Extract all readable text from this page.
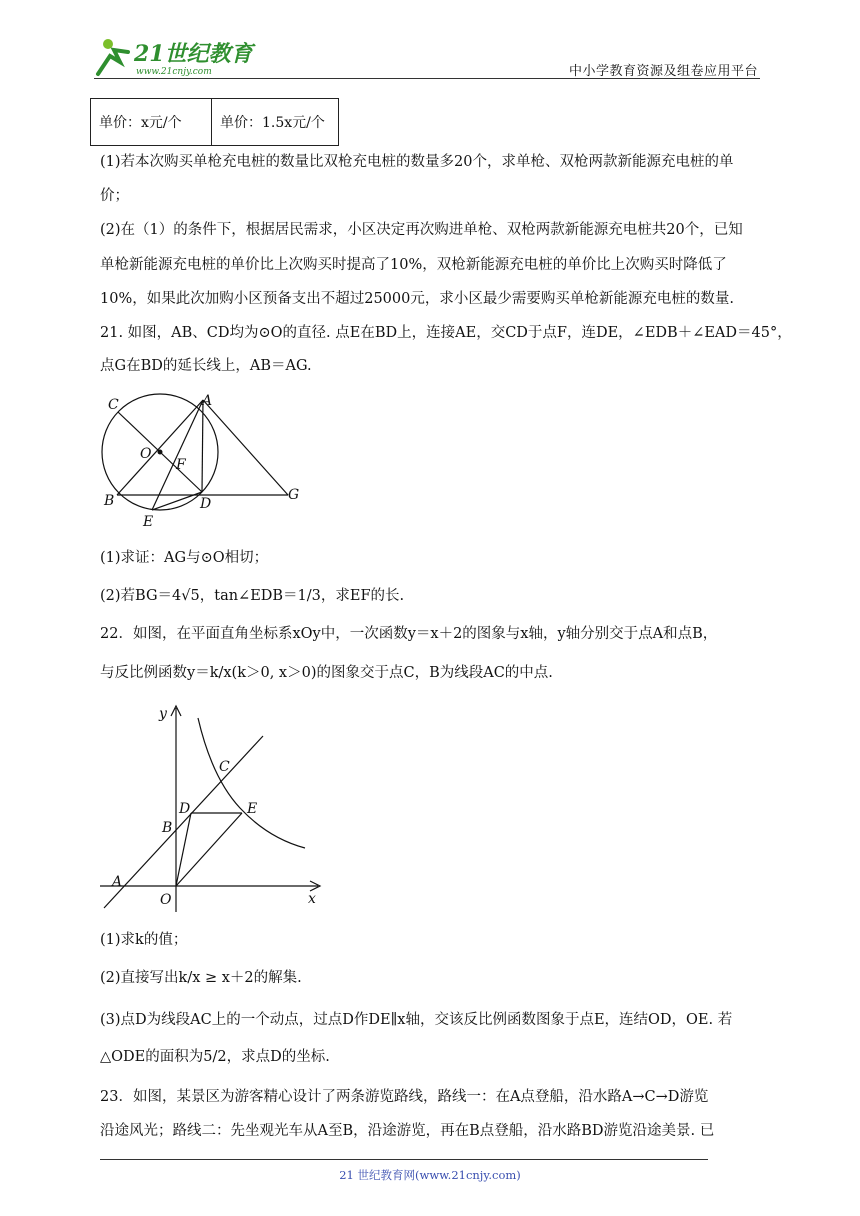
21世纪教育
www.21cnjy.com	中小学教育资源及组卷应用平台
单价：x元/个	单价：1.5x元/个
(1)若本次购买单枪充电桩的数量比双枪充电桩的数量多20个，求单枪、双枪两款新能源充电桩的单
价；
(2)在（1）的条件下，根据居民需求，小区决定再次购进单枪、双枪两款新能源充电桩共20个，已知
单枪新能源充电桩的单价比上次购买时提高了10%，双枪新能源充电桩的单价比上次购买时降低了
10%，如果此次加购小区预备支出不超过25000元，求小区最少需要购买单枪新能源充电桩的数量.
21. 如图，AB、CD均为⊙O的直径. 点E在BD上，连接AE，交CD于点F，连DE，∠EDB＋∠EAD＝45°，
点G在BD的延长线上，AB＝AG.
C	A
O
F
B	D
G
E
(1)求证：AG与⊙O相切；
(2)若BG＝4√5，tan∠EDB＝1/3，求EF的长.
22．如图，在平面直角坐标系xOy中，一次函数y＝x＋2的图象与x轴，y轴分别交于点A和点B，
与反比例函数y＝k/x(k＞0, x＞0)的图象交于点C，B为线段AC的中点.
y
x
O
A
B
C
D	E
(1)求k的值；
(2)直接写出k/x ≥ x＋2的解集.
(3)点D为线段AC上的一个动点，过点D作DE∥x轴，交该反比例函数图象于点E，连结OD，OE. 若
△ODE的面积为5/2，求点D的坐标.
23．如图，某景区为游客精心设计了两条游览路线，路线一：在A点登船，沿水路A→C→D游览
沿途风光；路线二：先坐观光车从A至B，沿途游览，再在B点登船，沿水路BD游览沿途美景. 已
21 世纪教育网(www.21cnjy.com)
